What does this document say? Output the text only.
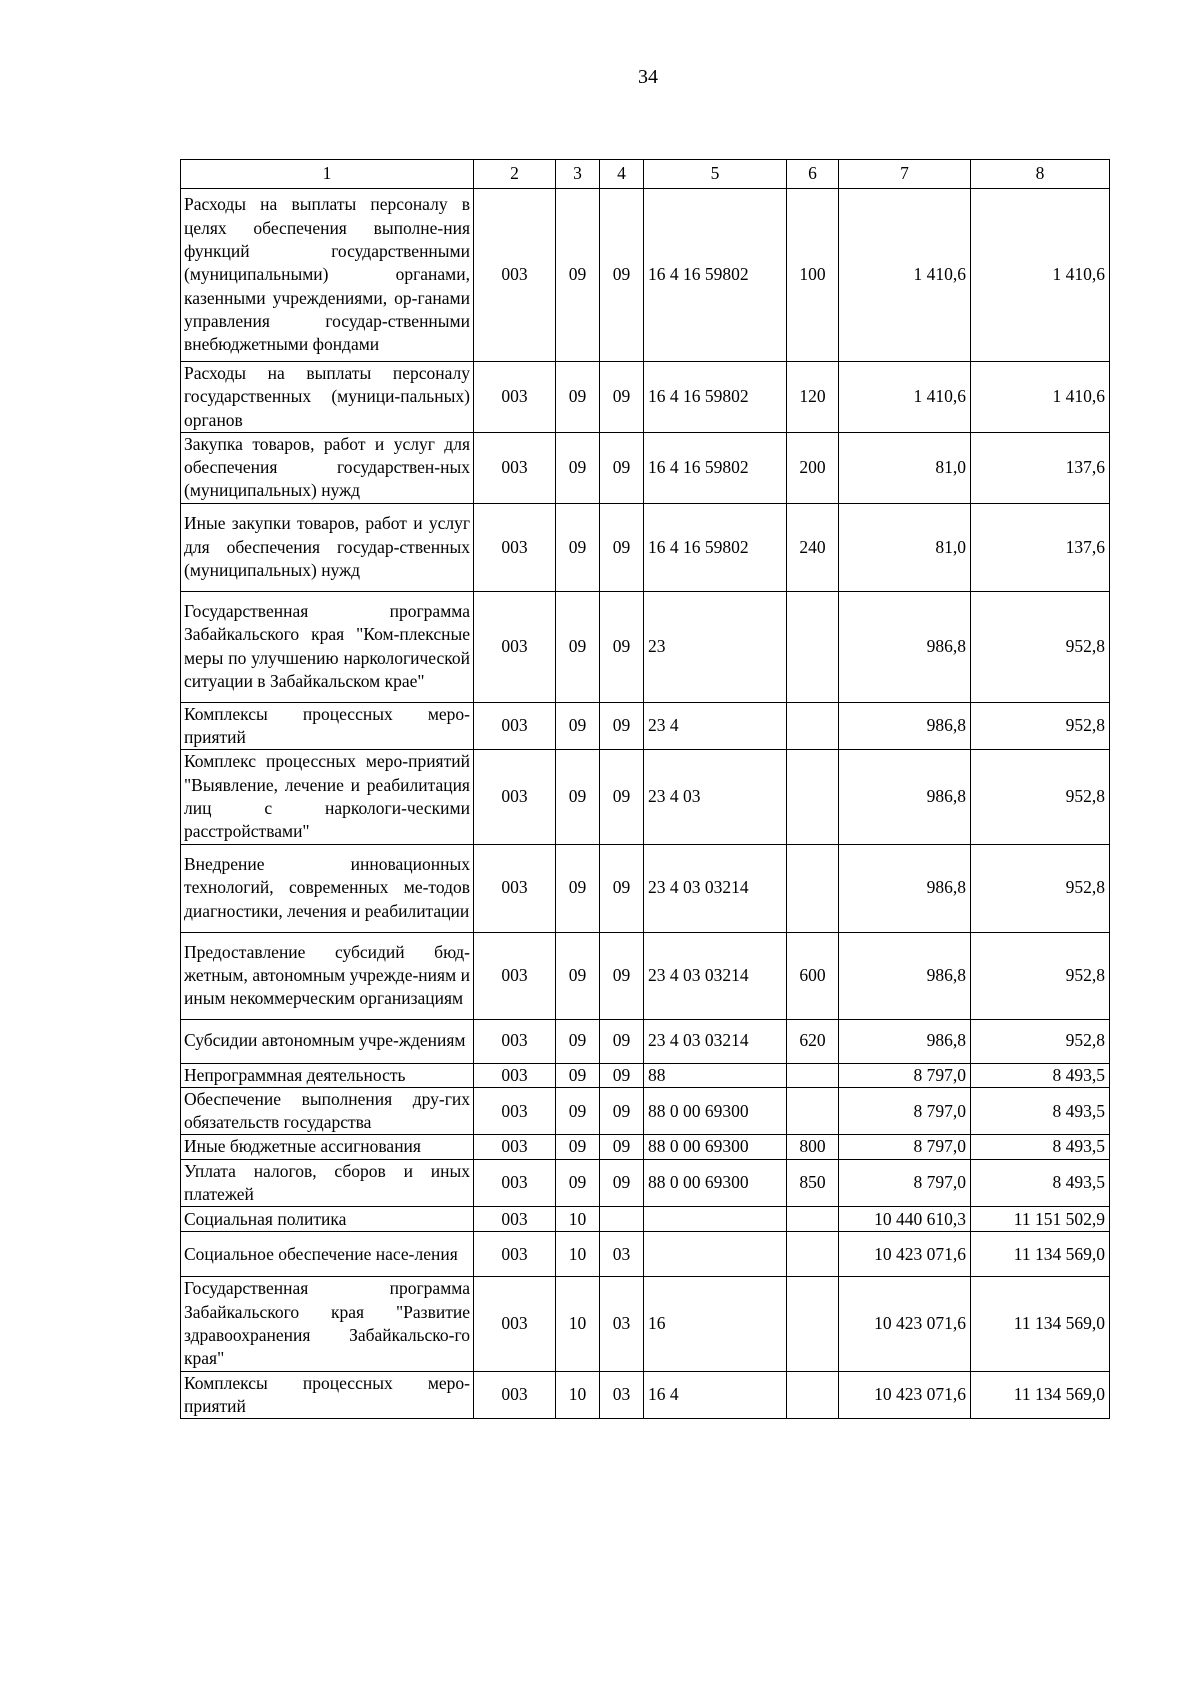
34
1	2	3	4	5	6	7	8
Расходы на выплаты персоналу в целях обеспечения выполне-ния функций государственными (муниципальными) органами, казенными учреждениями, ор-ганами управления государ-ственными внебюджетными фондами	003	09	09	16 4 16 59802	100	1 410,6	1 410,6
Расходы на выплаты персоналу государственных (муници-пальных) органов	003	09	09	16 4 16 59802	120	1 410,6	1 410,6
Закупка товаров, работ и услуг для обеспечения государствен-ных (муниципальных) нужд	003	09	09	16 4 16 59802	200	81,0	137,6
Иные закупки товаров, работ и услуг для обеспечения государ-ственных (муниципальных) нужд	003	09	09	16 4 16 59802	240	81,0	137,6
Государственная программа Забайкальского края "Ком-плексные меры по улучшению наркологической ситуации в Забайкальском крае"	003	09	09	23		986,8	952,8
Комплексы процессных меро-приятий	003	09	09	23 4		986,8	952,8
Комплекс процессных меро-приятий "Выявление, лечение и реабилитация лиц с наркологи-ческими расстройствами"	003	09	09	23 4 03		986,8	952,8
Внедрение инновационных технологий, современных ме-тодов диагностики, лечения и реабилитации	003	09	09	23 4 03 03214		986,8	952,8
Предоставление субсидий бюд-жетным, автономным учрежде-ниям и иным некоммерческим организациям	003	09	09	23 4 03 03214	600	986,8	952,8
Субсидии автономным учре-ждениям	003	09	09	23 4 03 03214	620	986,8	952,8
Непрограммная деятельность	003	09	09	88		8 797,0	8 493,5
Обеспечение выполнения дру-гих обязательств государства	003	09	09	88 0 00 69300		8 797,0	8 493,5
Иные бюджетные ассигнования	003	09	09	88 0 00 69300	800	8 797,0	8 493,5
Уплата налогов, сборов и иных платежей	003	09	09	88 0 00 69300	850	8 797,0	8 493,5
Социальная политика	003	10				10 440 610,3	11 151 502,9
Социальное обеспечение насе-ления	003	10	03			10 423 071,6	11 134 569,0
Государственная программа Забайкальского края "Развитие здравоохранения Забайкальско-го края"	003	10	03	16		10 423 071,6	11 134 569,0
Комплексы процессных меро-приятий	003	10	03	16 4		10 423 071,6	11 134 569,0
